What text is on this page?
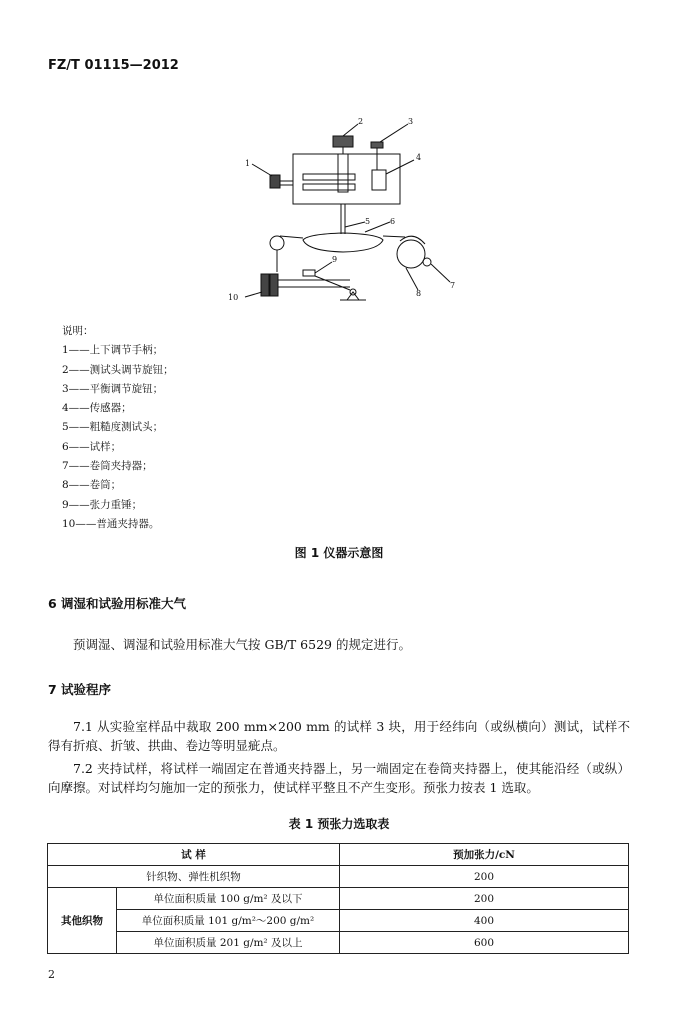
FZ/T 01115—2012
1
2	3
4
5 6
7
8
9
10
说明：
1——上下调节手柄；
2——测试头调节旋钮；
3——平衡调节旋钮；
4——传感器；
5——粗糙度测试头；
6——试样；
7——卷筒夹持器；
8——卷筒；
9——张力重锤；
10——普通夹持器。
图 1 仪器示意图
6 调湿和试验用标准大气
预调湿、调湿和试验用标准大气按 GB/T 6529 的规定进行。
7 试验程序
7.1 从实验室样品中裁取 200 mm×200 mm 的试样 3 块，用于经纬向（或纵横向）测试，试样不得有折痕、折皱、拱曲、卷边等明显疵点。
7.2 夹持试样，将试样一端固定在普通夹持器上，另一端固定在卷筒夹持器上，使其能沿经（或纵）向摩擦。对试样均匀施加一定的预张力，使试样平整且不产生变形。预张力按表 1 选取。
表 1 预张力选取表
试 样		预加张力/cN
针织物、弹性机织物		200
其他织物	单位面积质量 100 g/m² 及以下	200
	单位面积质量 101 g/m²～200 g/m²	400
	单位面积质量 201 g/m² 及以上	600
2
